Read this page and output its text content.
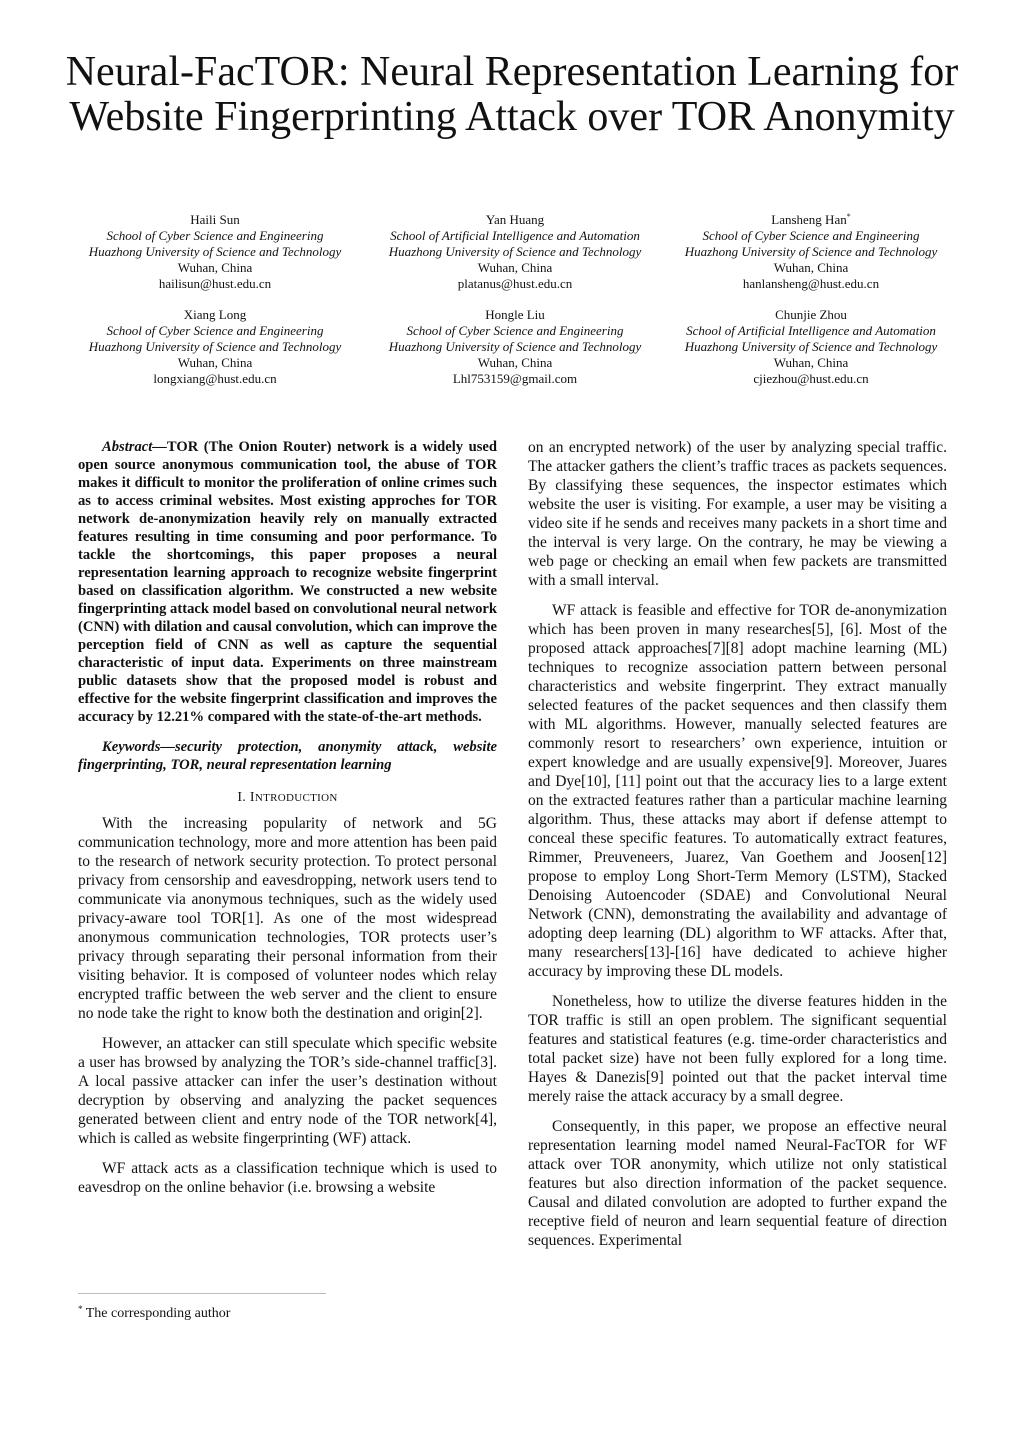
Neural-FacTOR: Neural Representation Learning for Website Fingerprinting Attack over TOR Anonymity
Haili Sun
School of Cyber Science and Engineering
Huazhong University of Science and Technology
Wuhan, China
hailisun@hust.edu.cn
Yan Huang
School of Artificial Intelligence and Automation
Huazhong University of Science and Technology
Wuhan, China
platanus@hust.edu.cn
Lansheng Han*
School of Cyber Science and Engineering
Huazhong University of Science and Technology
Wuhan, China
hanlansheng@hust.edu.cn
Xiang Long
School of Cyber Science and Engineering
Huazhong University of Science and Technology
Wuhan, China
longxiang@hust.edu.cn
Hongle Liu
School of Cyber Science and Engineering
Huazhong University of Science and Technology
Wuhan, China
Lhl753159@gmail.com
Chunjie Zhou
School of Artificial Intelligence and Automation
Huazhong University of Science and Technology
Wuhan, China
cjiezhou@hust.edu.cn

Abstract—TOR (The Onion Router) network is a widely used open source anonymous communication tool, the abuse of TOR makes it difficult to monitor the proliferation of online crimes such as to access criminal websites. Most existing approches for TOR network de-anonymization heavily rely on manually extracted features resulting in time consuming and poor performance. To tackle the shortcomings, this paper proposes a neural representation learning approach to recognize website fingerprint based on classification algorithm. We constructed a new website fingerprinting attack model based on convolutional neural network (CNN) with dilation and causal convolution, which can improve the perception field of CNN as well as capture the sequential characteristic of input data. Experiments on three mainstream public datasets show that the proposed model is robust and effective for the website fingerprint classification and improves the accuracy by 12.21% compared with the state-of-the-art methods.

Keywords—security protection, anonymity attack, website fingerprinting, TOR, neural representation learning

I. INTRODUCTION

With the increasing popularity of network and 5G communication technology, more and more attention has been paid to the research of network security protection. To protect personal privacy from censorship and eavesdropping, network users tend to communicate via anonymous techniques, such as the widely used privacy-aware tool TOR[1]. As one of the most widespread anonymous communication technologies, TOR protects user’s privacy through separating their personal information from their visiting behavior. It is composed of volunteer nodes which relay encrypted traffic between the web server and the client to ensure no node take the right to know both the destination and origin[2].

However, an attacker can still speculate which specific website a user has browsed by analyzing the TOR’s side-channel traffic[3]. A local passive attacker can infer the user’s destination without decryption by observing and analyzing the packet sequences generated between client and entry node of the TOR network[4], which is called as website fingerprinting (WF) attack.

WF attack acts as a classification technique which is used to eavesdrop on the online behavior (i.e. browsing a website

on an encrypted network) of the user by analyzing special traffic. The attacker gathers the client’s traffic traces as packets sequences. By classifying these sequences, the inspector estimates which website the user is visiting. For example, a user may be visiting a video site if he sends and receives many packets in a short time and the interval is very large. On the contrary, he may be viewing a web page or checking an email when few packets are transmitted with a small interval.

WF attack is feasible and effective for TOR de-anonymization which has been proven in many researches[5], [6]. Most of the proposed attack approaches[7][8] adopt machine learning (ML) techniques to recognize association pattern between personal characteristics and website fingerprint. They extract manually selected features of the packet sequences and then classify them with ML algorithms. However, manually selected features are commonly resort to researchers’ own experience, intuition or expert knowledge and are usually expensive[9]. Moreover, Juares and Dye[10], [11] point out that the accuracy lies to a large extent on the extracted features rather than a particular machine learning algorithm. Thus, these attacks may abort if defense attempt to conceal these specific features. To automatically extract features, Rimmer, Preuveneers, Juarez, Van Goethem and Joosen[12] propose to employ Long Short-Term Memory (LSTM), Stacked Denoising Autoencoder (SDAE) and Convolutional Neural Network (CNN), demonstrating the availability and advantage of adopting deep learning (DL) algorithm to WF attacks. After that, many researchers[13]-[16] have dedicated to achieve higher accuracy by improving these DL models.

Nonetheless, how to utilize the diverse features hidden in the TOR traffic is still an open problem. The significant sequential features and statistical features (e.g. time-order characteristics and total packet size) have not been fully explored for a long time. Hayes & Danezis[9] pointed out that the packet interval time merely raise the attack accuracy by a small degree.

Consequently, in this paper, we propose an effective neural representation learning model named Neural-FacTOR for WF attack over TOR anonymity, which utilize not only statistical features but also direction information of the packet sequence. Causal and dilated convolution are adopted to further expand the receptive field of neuron and learn sequential feature of direction sequences. Experimental

* The corresponding author
